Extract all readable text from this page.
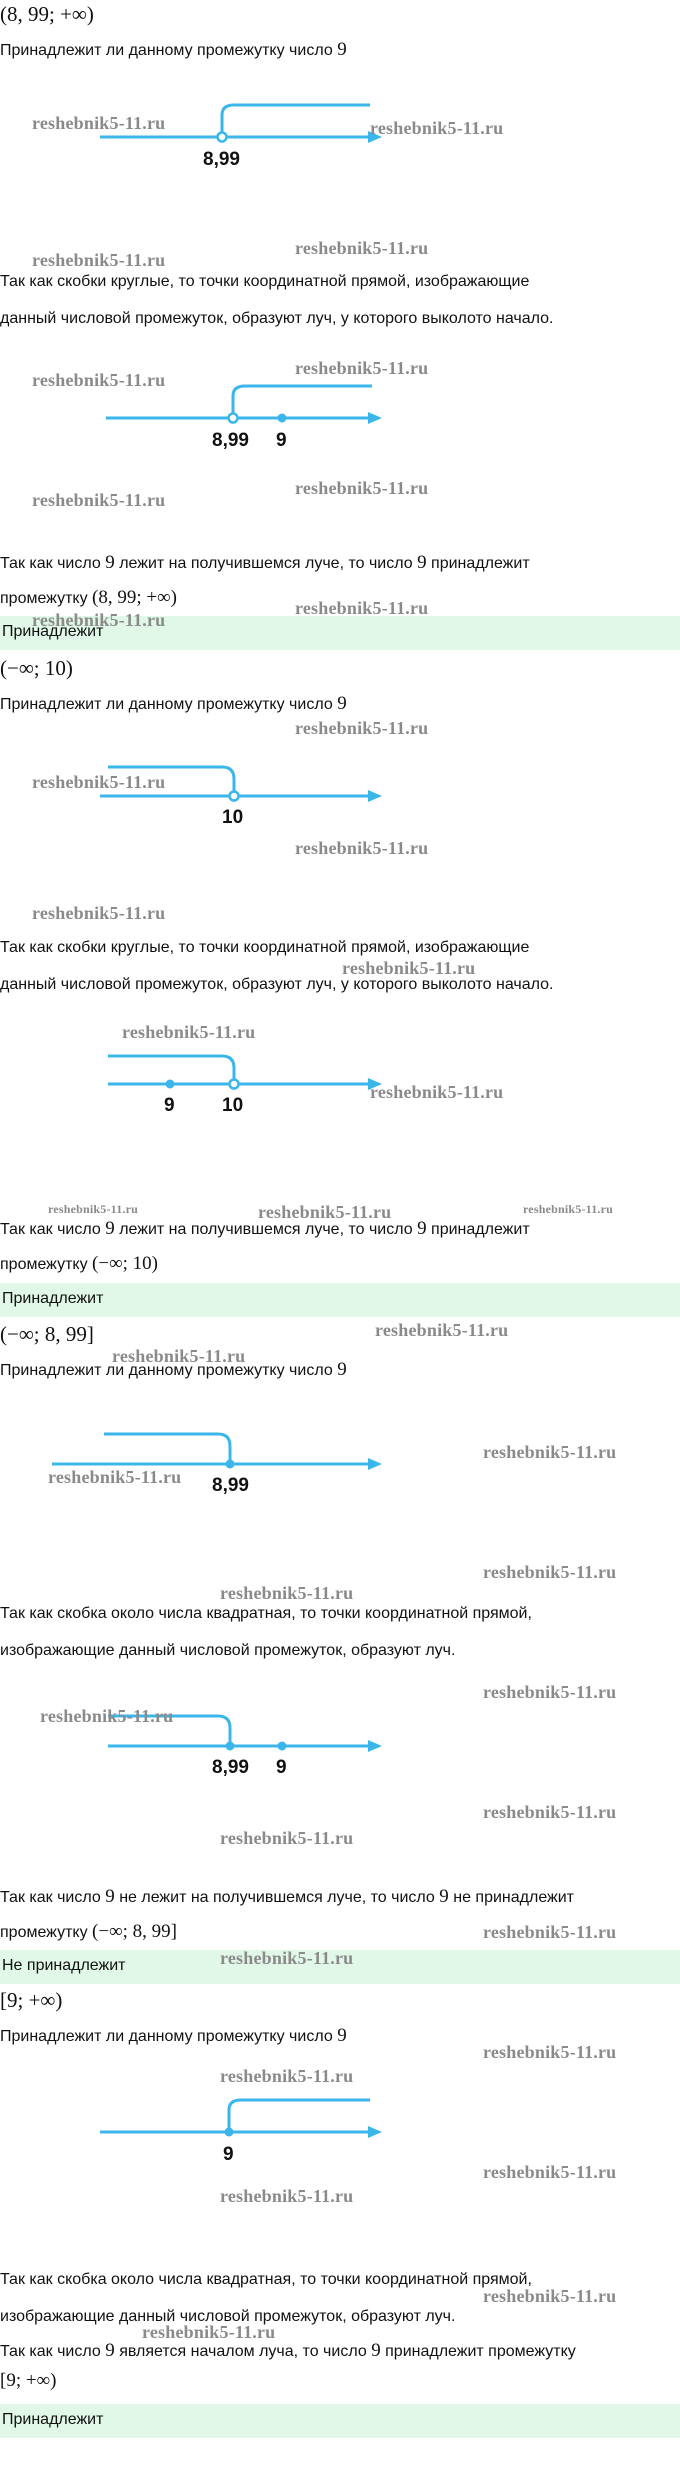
(8, 99; +∞)
Принадлежит ли данному промежутку число 9
8,99
Так как скобки круглые, то точки координатной прямой, изображающие
данный числовой промежуток, образуют луч, у которого выколото начало.
8,99 9
Так как число 9 лежит на получившемся луче, то число 9 принадлежит
промежутку (8, 99; +∞)
Принадлежит
(−∞; 10)
Принадлежит ли данному промежутку число 9
10
Так как скобки круглые, то точки координатной прямой, изображающие
данный числовой промежуток, образуют луч, у которого выколото начало.
9 10
Так как число 9 лежит на получившемся луче, то число 9 принадлежит
промежутку (−∞; 10)
Принадлежит
(−∞; 8, 99]
Принадлежит ли данному промежутку число 9
8,99
Так как скобка около числа квадратная, то точки координатной прямой,
изображающие данный числовой промежуток, образуют луч.
8,99 9
Так как число 9 не лежит на получившемся луче, то число 9 не принадлежит
промежутку (−∞; 8, 99]
Не принадлежит
[9; +∞)
Принадлежит ли данному промежутку число 9
9
Так как скобка около числа квадратная, то точки координатной прямой,
изображающие данный числовой промежуток, образуют луч.
Так как число 9 является началом луча, то число 9 принадлежит промежутку
[9; +∞)
Принадлежит
reshebnik5-11.ru	reshebnik5-11.ru
reshebnik5-11.ru
reshebnik5-11.ru
reshebnik5-11.ru
reshebnik5-11.ru
reshebnik5-11.ru
reshebnik5-11.ru
reshebnik5-11.ru
reshebnik5-11.ru
reshebnik5-11.ru
reshebnik5-11.ru
reshebnik5-11.ru
reshebnik5-11.ru
reshebnik5-11.ru
reshebnik5-11.ru
reshebnik5-11.ru
reshebnik5-11.ru	reshebnik5-11.ru	reshebnik5-11.ru
reshebnik5-11.ru
reshebnik5-11.ru
reshebnik5-11.ru
reshebnik5-11.ru
reshebnik5-11.ru
reshebnik5-11.ru
reshebnik5-11.ru
reshebnik5-11.ru
reshebnik5-11.ru
reshebnik5-11.ru
reshebnik5-11.ru
reshebnik5-11.ru
reshebnik5-11.ru
reshebnik5-11.ru
reshebnik5-11.ru
reshebnik5-11.ru
reshebnik5-11.ru
reshebnik5-11.ru
